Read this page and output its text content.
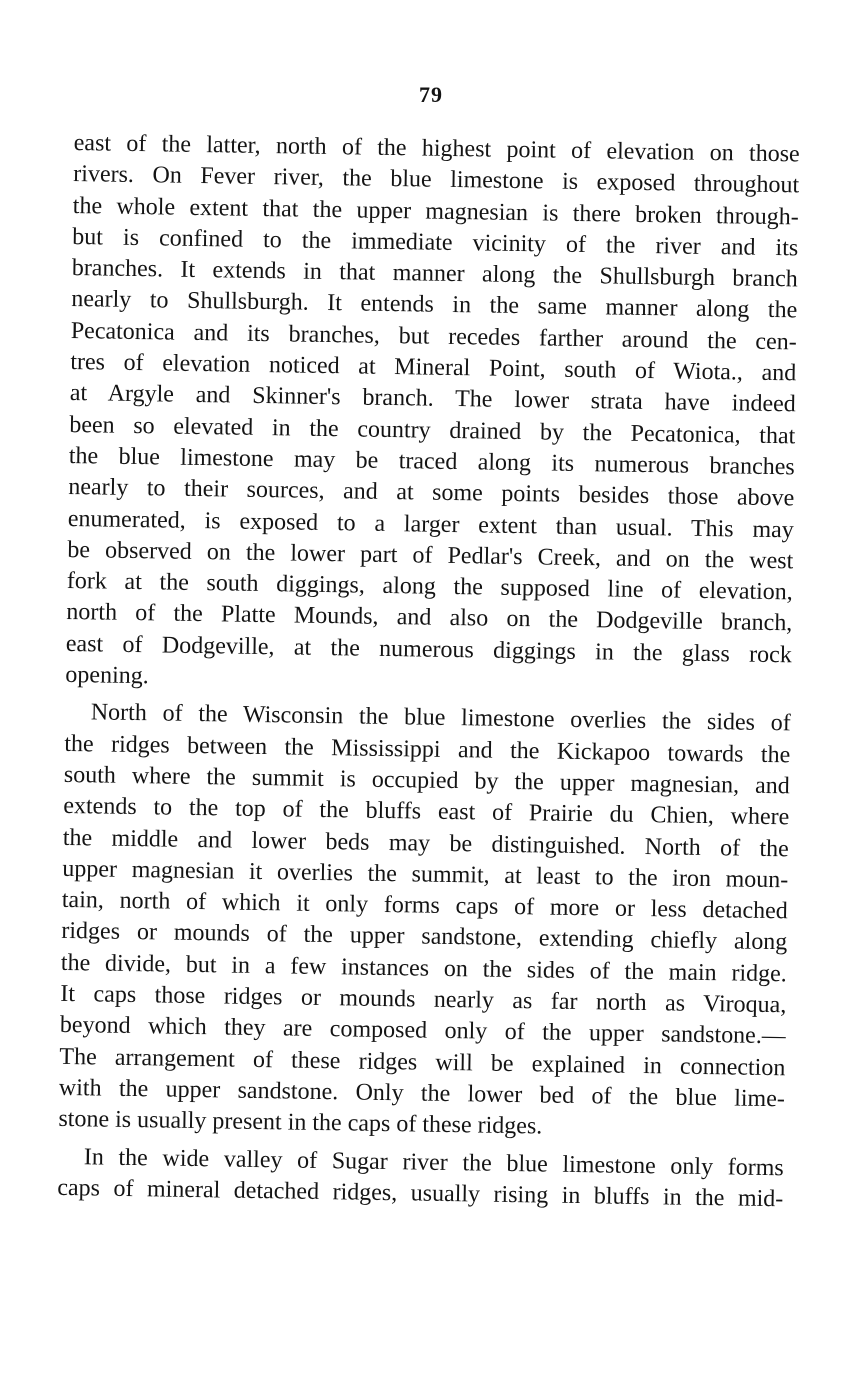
79
east of the latter, north of the highest point of elevation on those
rivers. On Fever river, the blue limestone is exposed throughout
the whole extent that the upper magnesian is there broken through-
but is confined to the immediate vicinity of the river and its
branches. It extends in that manner along the Shullsburgh branch
nearly to Shullsburgh. It entends in the same manner along the
Pecatonica and its branches, but recedes farther around the cen-
tres of elevation noticed at Mineral Point, south of Wiota., and
at Argyle and Skinner's branch. The lower strata have indeed
been so elevated in the country drained by the Pecatonica, that
the blue limestone may be traced along its numerous branches
nearly to their sources, and at some points besides those above
enumerated, is exposed to a larger extent than usual. This may
be observed on the lower part of Pedlar's Creek, and on the west
fork at the south diggings, along the supposed line of elevation,
north of the Platte Mounds, and also on the Dodgeville branch,
east of Dodgeville, at the numerous diggings in the glass rock
opening.
North of the Wisconsin the blue limestone overlies the sides of
the ridges between the Mississippi and the Kickapoo towards the
south where the summit is occupied by the upper magnesian, and
extends to the top of the bluffs east of Prairie du Chien, where
the middle and lower beds may be distinguished. North of the
upper magnesian it overlies the summit, at least to the iron moun-
tain, north of which it only forms caps of more or less detached
ridges or mounds of the upper sandstone, extending chiefly along
the divide, but in a few instances on the sides of the main ridge.
It caps those ridges or mounds nearly as far north as Viroqua,
beyond which they are composed only of the upper sandstone.—
The arrangement of these ridges will be explained in connection
with the upper sandstone. Only the lower bed of the blue lime-
stone is usually present in the caps of these ridges.
In the wide valley of Sugar river the blue limestone only forms
caps of mineral detached ridges, usually rising in bluffs in the mid-
